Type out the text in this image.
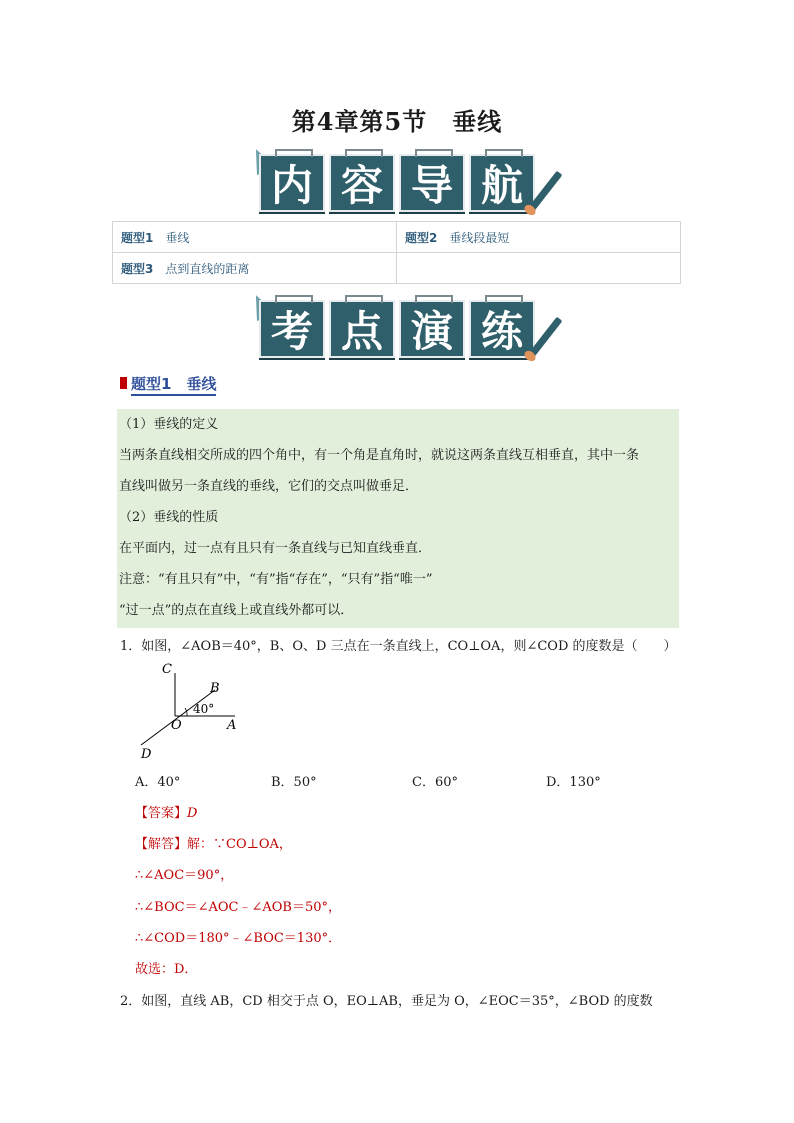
第4章第5节　垂线
内 容 导 航
题型1 垂线	题型2 垂线段最短
题型3 点到直线的距离	
考 点 演 练
题型1　 垂线
（1）垂线的定义
当两条直线相交所成的四个角中，有一个角是直角时，就说这两条直线互相垂直，其中一条
直线叫做另一条直线的垂线，它们的交点叫做垂足．
（2）垂线的性质
在平面内，过一点有且只有一条直线与已知直线垂直．
注意：“有且只有”中，“有”指“存在”，“只有”指“唯一”
“过一点”的点在直线上或直线外都可以．
1．如图，∠AOB＝40°，B、O、D 三点在一条直线上，CO⊥OA，则∠COD 的度数是（　　）
C
B
O	A
D
40°
A．40°	B．50°	C．60°	D．130°
【答案】D
【解答】解：∵CO⊥OA，
∴∠AOC＝90°，
∴∠BOC＝∠AOC﹣∠AOB＝50°，
∴∠COD＝180°﹣∠BOC＝130°．
故选：D．
2．如图，直线 AB，CD 相交于点 O，EO⊥AB，垂足为 O，∠EOC＝35°，∠BOD 的度数
